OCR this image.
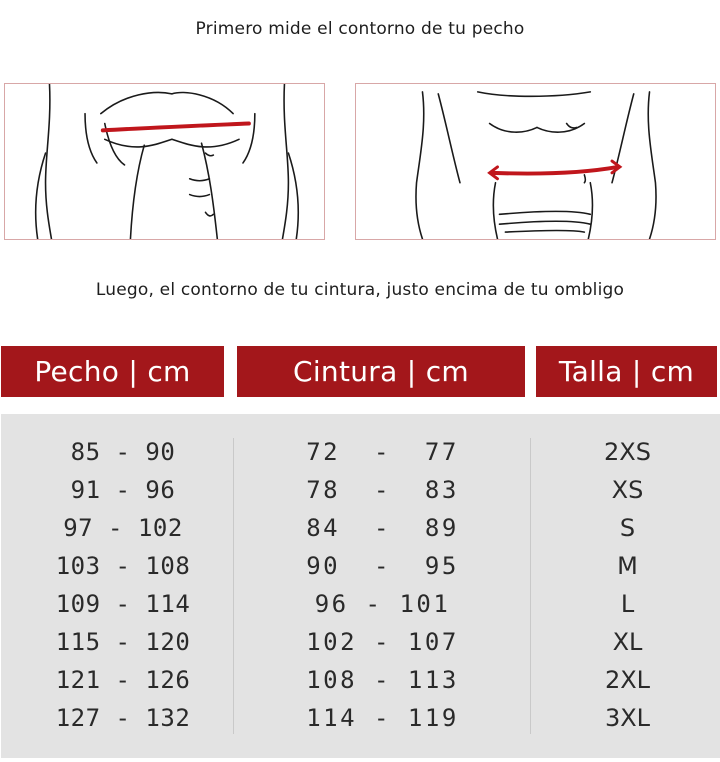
Primero mide el contorno de tu pecho
Luego, el contorno de tu cintura, justo encima de tu ombligo
Pecho | cm	Cintura | cm	Talla | cm
85 - 90
91 - 96
97 - 102
103 - 108
109 - 114
115 - 120
121 - 126
127 - 132
72  -  77
78  -  83
84  -  89
90  -  95
96 - 101
102 - 107
108 - 113
114 - 119
2XS
XS
S
M
L
XL
2XL
3XL
